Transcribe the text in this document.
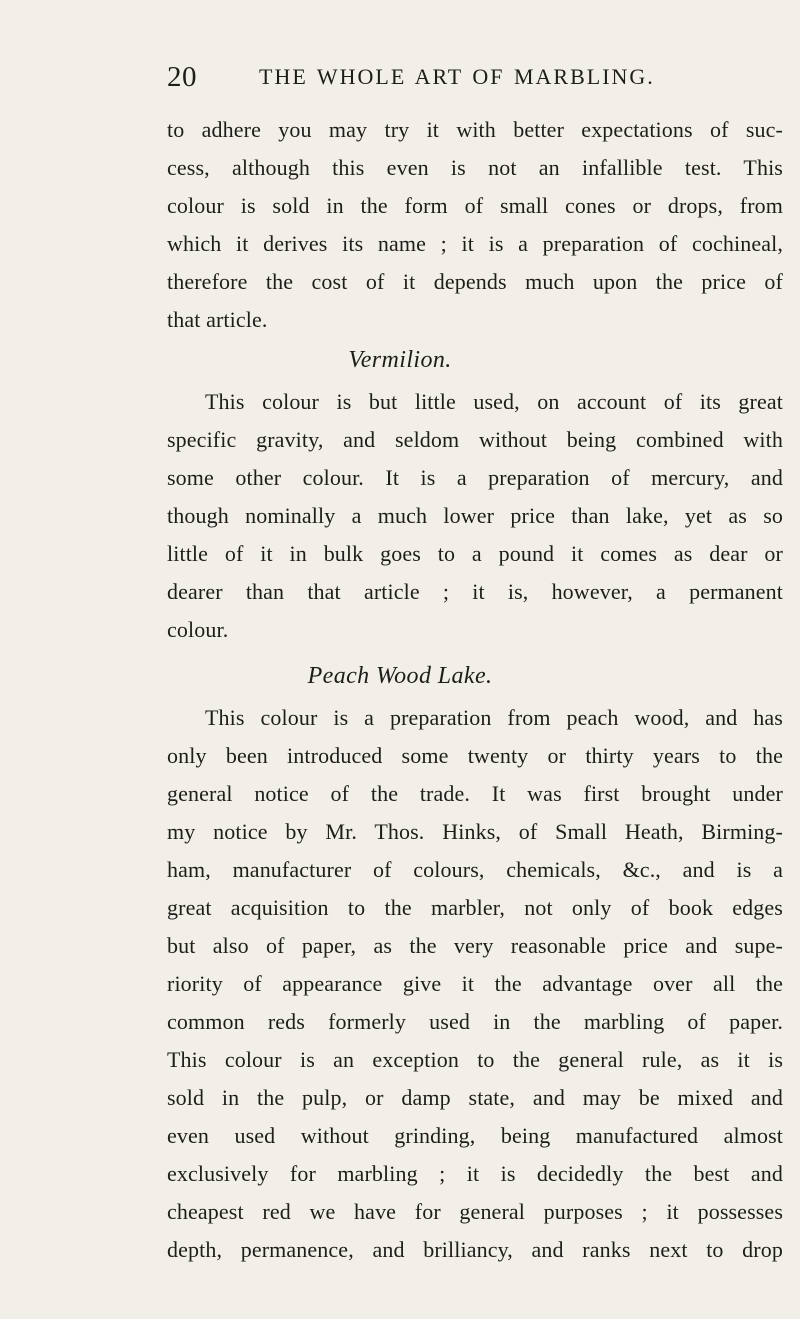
20	THE WHOLE ART OF MARBLING.
to adhere you may try it with better expectations of suc-
cess, although this even is not an infallible test. This
colour is sold in the form of small cones or drops, from
which it derives its name ; it is a preparation of cochineal,
therefore the cost of it depends much upon the price of
that article.
Vermilion.
This colour is but little used, on account of its great
specific gravity, and seldom without being combined with
some other colour. It is a preparation of mercury, and
though nominally a much lower price than lake, yet as so
little of it in bulk goes to a pound it comes as dear or
dearer than that article ; it is, however, a permanent
colour.
Peach Wood Lake.
This colour is a preparation from peach wood, and has
only been introduced some twenty or thirty years to the
general notice of the trade. It was first brought under
my notice by Mr. Thos. Hinks, of Small Heath, Birming-
ham, manufacturer of colours, chemicals, &c., and is a
great acquisition to the marbler, not only of book edges
but also of paper, as the very reasonable price and supe-
riority of appearance give it the advantage over all the
common reds formerly used in the marbling of paper.
This colour is an exception to the general rule, as it is
sold in the pulp, or damp state, and may be mixed and
even used without grinding, being manufactured almost
exclusively for marbling ; it is decidedly the best and
cheapest red we have for general purposes ; it possesses
depth, permanence, and brilliancy, and ranks next to drop
